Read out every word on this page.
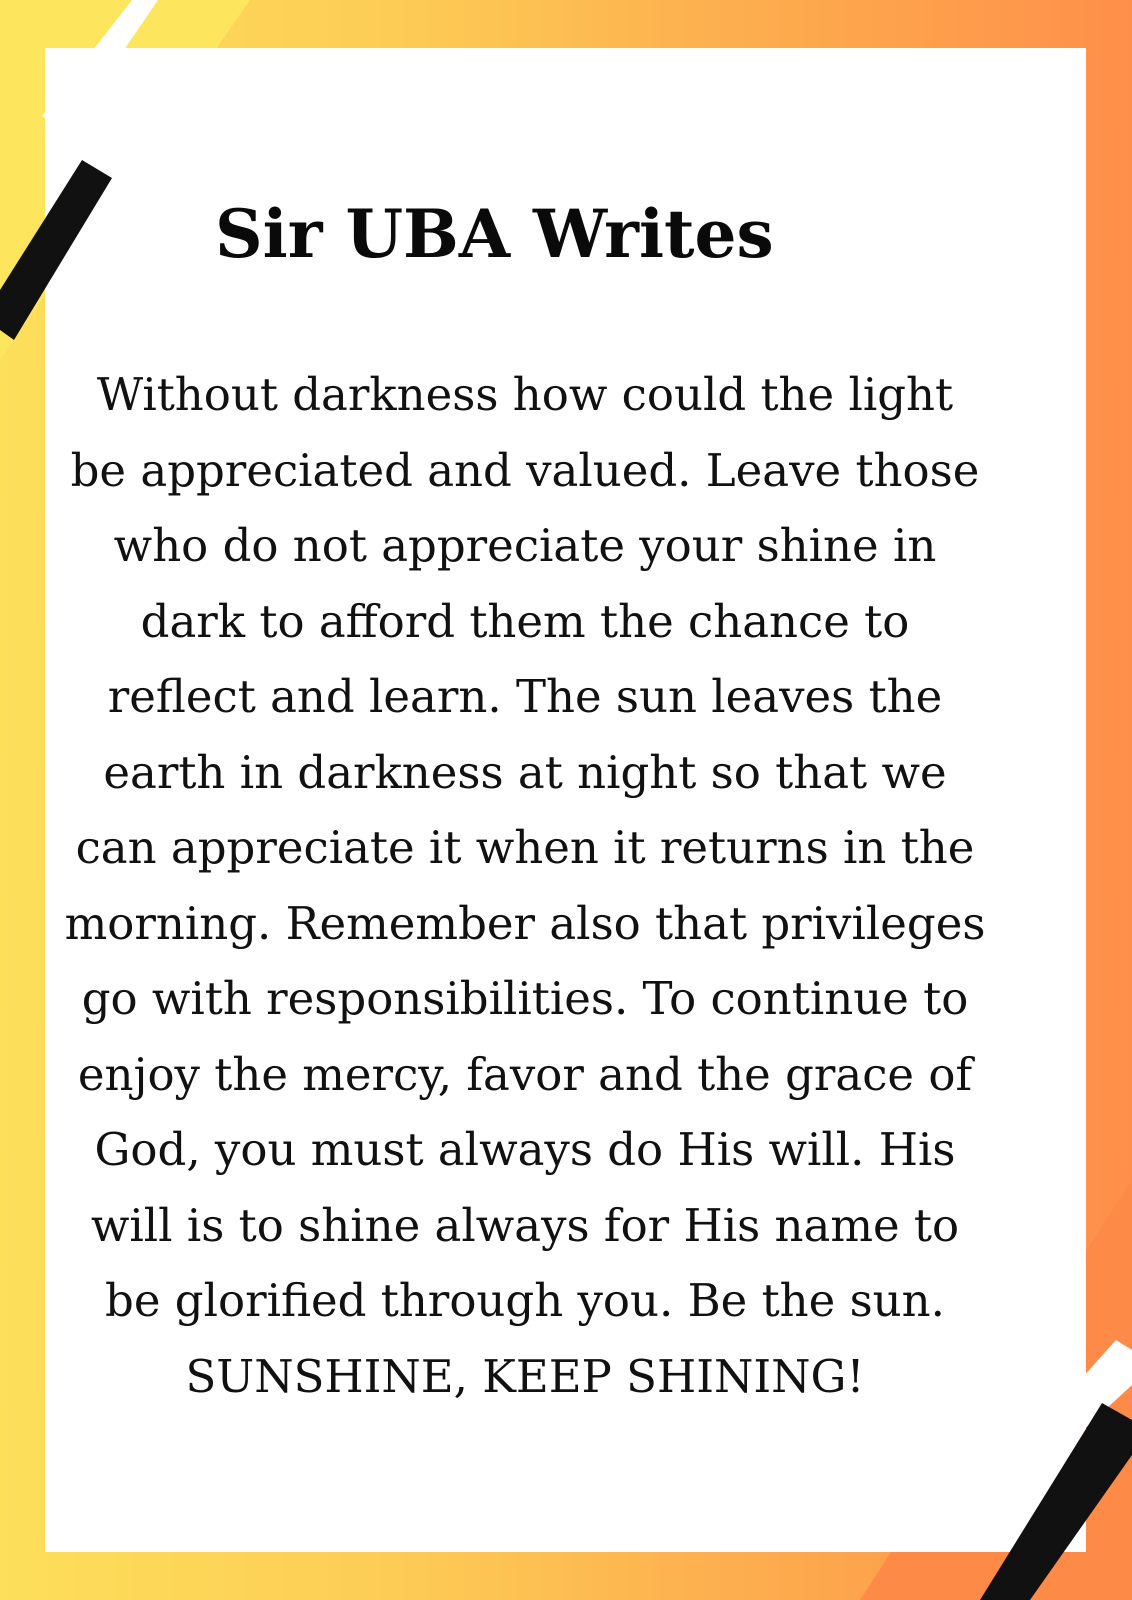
Sir UBA Writes
Without darkness how could the light
be appreciated and valued. Leave those
who do not appreciate your shine in
dark to afford them the chance to
reflect and learn. The sun leaves the
earth in darkness at night so that we
can appreciate it when it returns in the
morning. Remember also that privileges
go with responsibilities. To continue to
enjoy the mercy, favor and the grace of
God, you must always do His will. His
will is to shine always for His name to
be glorified through you. Be the sun.
SUNSHINE, KEEP SHINING!
